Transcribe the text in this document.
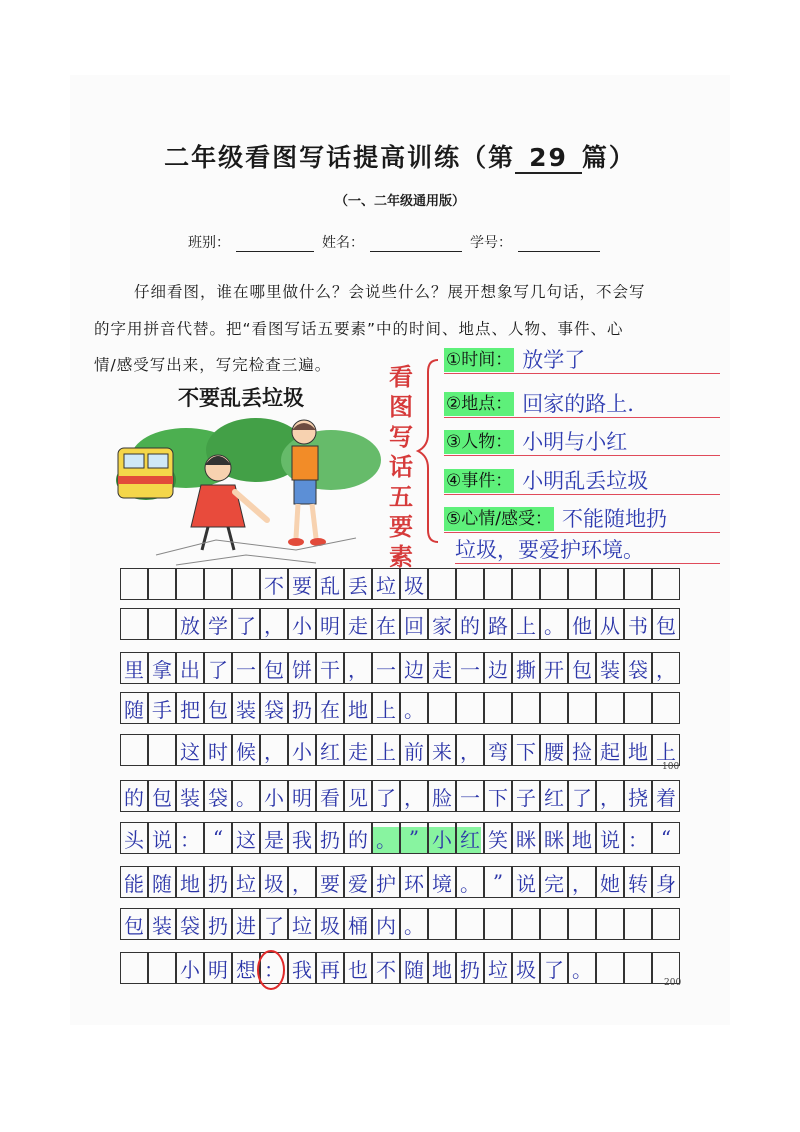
二年级看图写话提高训练（第 29 篇）
（一、二年级通用版）
班别：	姓名：	学号：
仔细看图，谁在哪里做什么？会说些什么？展开想象写几句话，不会写
的字用拼音代替。把“看图写话五要素”中的时间、地点、人物、事件、心
情/感受写出来，写完检查三遍。
不要乱丢垃圾
看图写话五要素
①时间： 放学了
②地点： 回家的路上.
③人物： 小明与小红
④事件： 小明乱丢垃圾
⑤心情/感受： 不能随地扔
垃圾，要爱护环境。
不 要 乱 丢 垃 圾
放 学 了 ， 小 明 走 在 回 家 的 路 上 。 他 从 书 包
里 拿 出 了 一 包 饼 干 ， 一 边 走 一 边 撕 开 包 装 袋 ，
随 手 把 包 装 袋 扔 在 地 上 。
这 时 候 ， 小 红 走 上 前 来 ， 弯 下 腰 捡 起 地 上
的 包 装 袋 。 小 明 看 见 了 ， 脸 一 下 子 红 了 ， 挠 着
头 说 ： “ 这 是 我 扔 的 。 ” 小 红 笑 眯 眯 地 说 ： “
能 随 地 扔 垃 圾 ， 要 爱 护 环 境 。 ” 说 完 ， 她 转 身
包 装 袋 扔 进 了 垃 圾 桶 内 。
小 明 想 ： 我 再 也 不 随 地 扔 垃 圾 了 。
100
200
